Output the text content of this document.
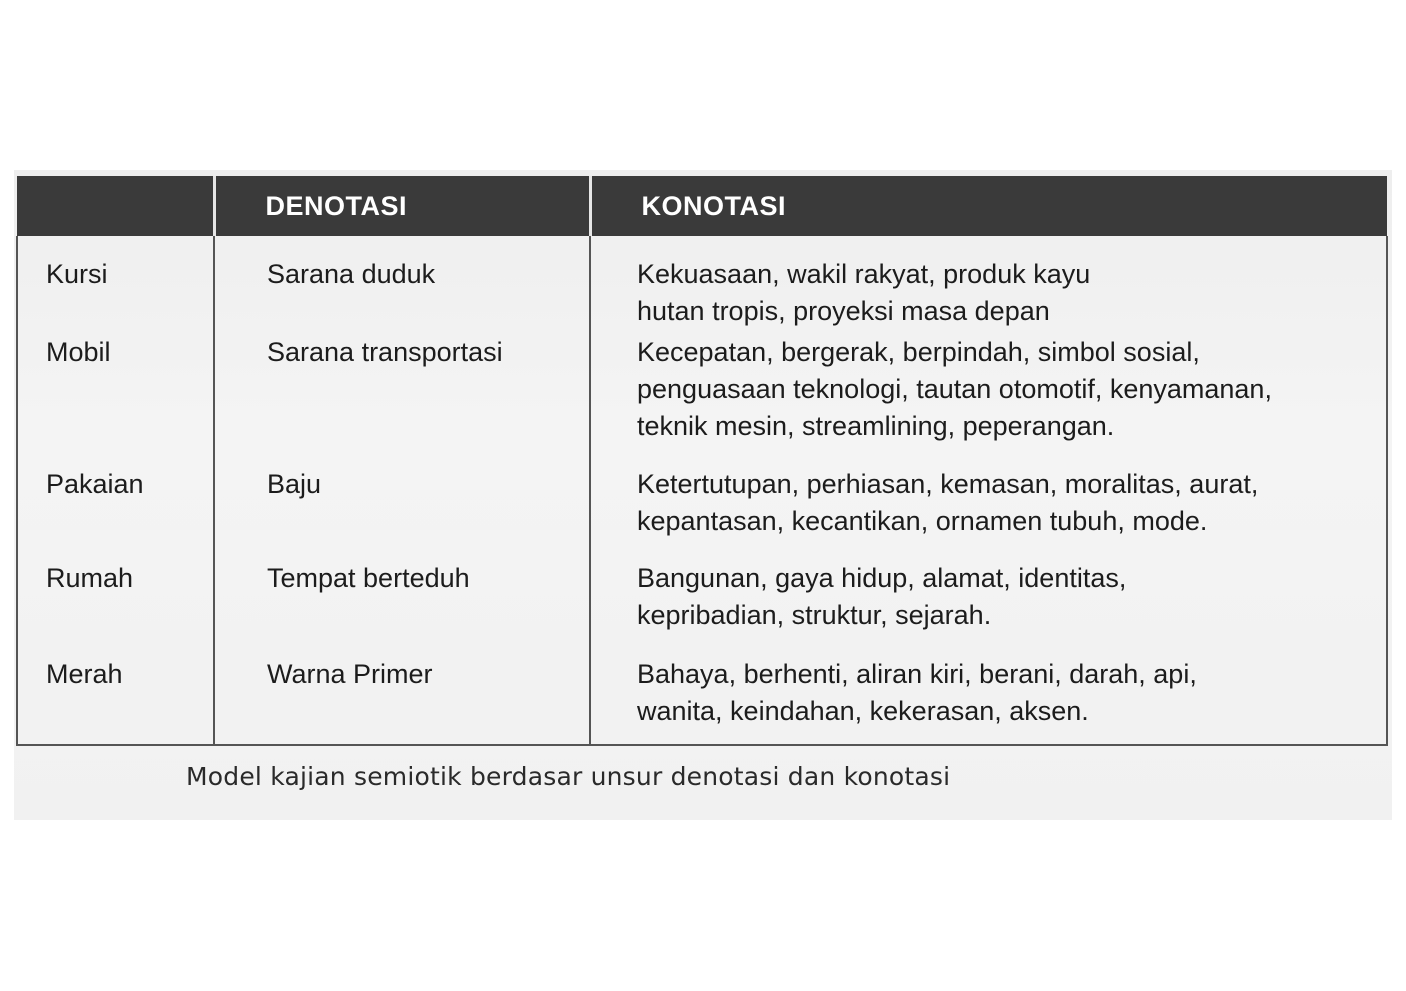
	DENOTASI	KONOTASI
Kursi	Sarana duduk	Kekuasaan, wakil rakyat, produk kayu
hutan tropis, proyeksi masa depan

Mobil	Sarana transportasi	Kecepatan, bergerak, berpindah, simbol sosial,
penguasaan teknologi, tautan otomotif, kenyamanan,
teknik mesin, streamlining, peperangan.

Pakaian	Baju	Ketertutupan, perhiasan, kemasan, moralitas, aurat,
kepantasan, kecantikan, ornamen tubuh, mode.

Rumah	Tempat berteduh	Bangunan, gaya hidup, alamat, identitas,
kepribadian, struktur, sejarah.

Merah	Warna Primer	Bahaya, berhenti, aliran kiri, berani, darah, api,
wanita, keindahan, kekerasan, aksen.
Model kajian semiotik berdasar unsur denotasi dan konotasi
